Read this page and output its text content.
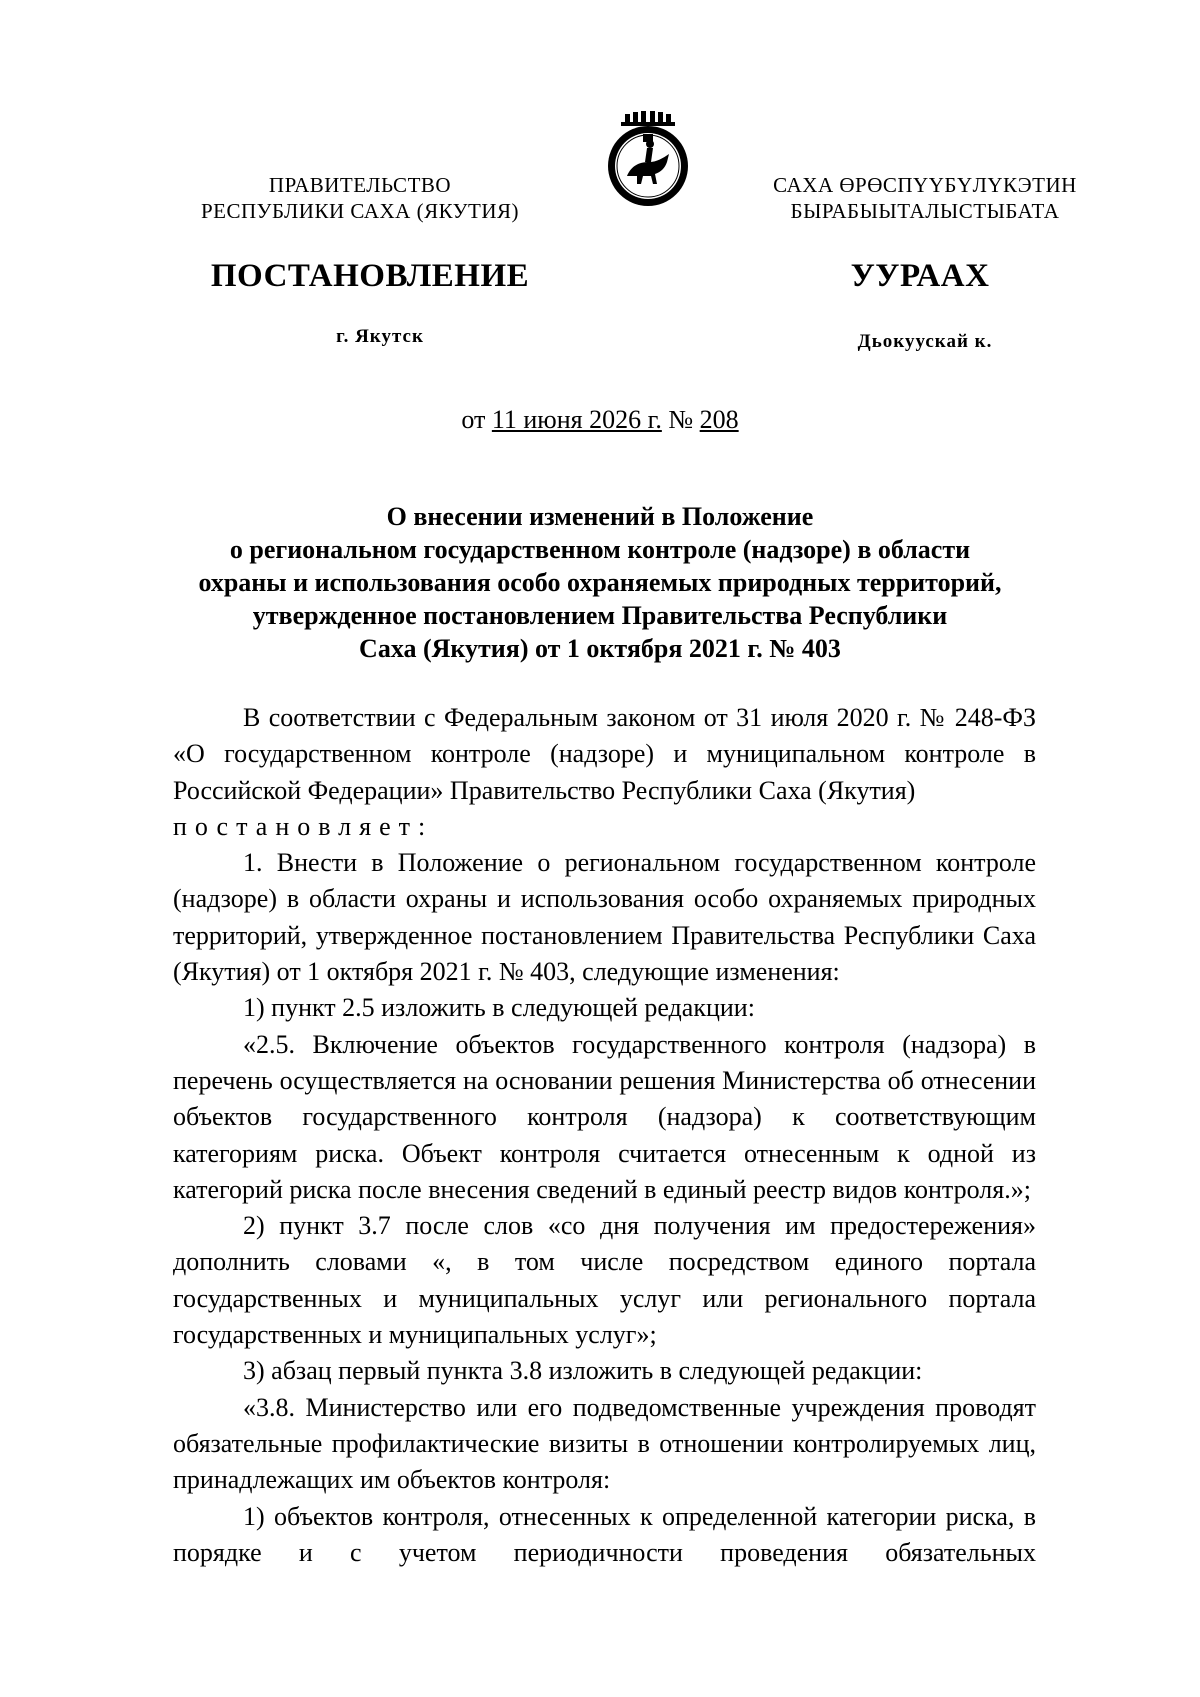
ПРАВИТЕЛЬСТВО
РЕСПУБЛИКИ САХА (ЯКУТИЯ)
САХА ӨРӨСПҮҮБҮЛҮКЭТИН
БЫРАБЫЫТАЛЫСТЫБАТА
ПОСТАНОВЛЕНИЕ	УУРААХ
г. Якутск	Дьокуускай к.
от 11 июня 2026 г. № 208
О внесении изменений в Положение
о региональном государственном контроле (надзоре) в области
охраны и использования особо охраняемых природных территорий,
утвержденное постановлением Правительства Республики
Саха (Якутия) от 1 октября 2021 г. № 403

В соответствии с Федеральным законом от 31 июля 2020 г. № 248-ФЗ «О государственном контроле (надзоре) и муниципальном контроле в Российской Федерации» Правительство Республики Саха (Якутия)

постановляет:

1. Внести в Положение о региональном государственном контроле (надзоре) в области охраны и использования особо охраняемых природных территорий, утвержденное постановлением Правительства Республики Саха (Якутия) от 1 октября 2021 г. № 403, следующие изменения:

1) пункт 2.5 изложить в следующей редакции:

«2.5. Включение объектов государственного контроля (надзора) в перечень осуществляется на основании решения Министерства об отнесении объектов государственного контроля (надзора) к соответствующим категориям риска. Объект контроля считается отнесенным к одной из категорий риска после внесения сведений в единый реестр видов контроля.»;

2) пункт 3.7 после слов «со дня получения им предостережения» дополнить словами «, в том числе посредством единого портала государственных и муниципальных услуг или регионального портала государственных и муниципальных услуг»;

3) абзац первый пункта 3.8 изложить в следующей редакции:

«3.8. Министерство или его подведомственные учреждения проводят обязательные профилактические визиты в отношении контролируемых лиц, принадлежащих им объектов контроля:

1) объектов контроля, отнесенных к определенной категории риска, в порядке и с учетом периодичности проведения обязательных
